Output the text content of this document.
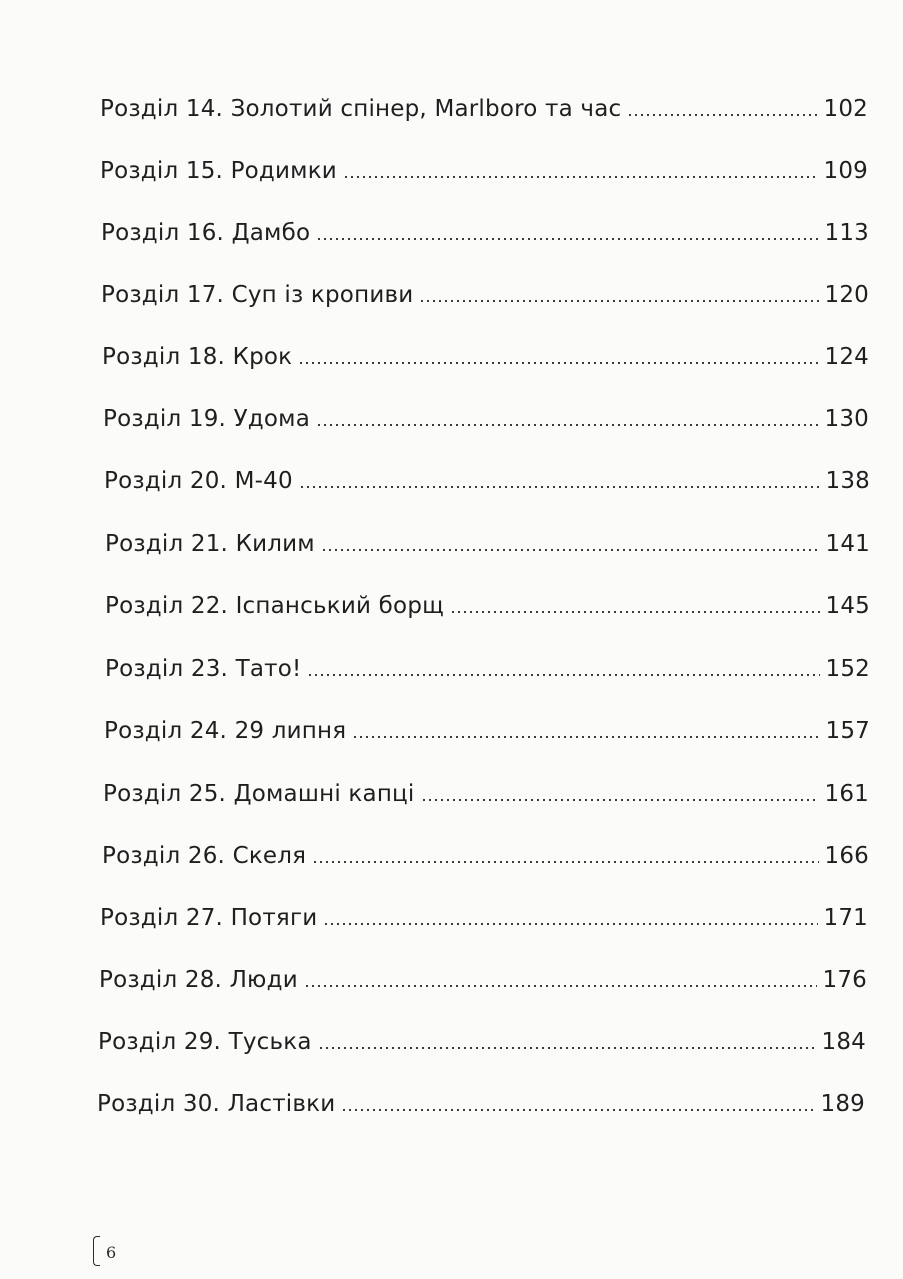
Розділ 14. Золотий спінер, Marlboro та час	102
Розділ 15. Родимки	109
Розділ 16. Дамбо	113
Розділ 17. Суп із кропиви	120
Розділ 18. Крок	124
Розділ 19. Удома	130
Розділ 20. М-40	138
Розділ 21. Килим	141
Розділ 22. Іспанський борщ	145
Розділ 23. Тато!	152
Розділ 24. 29 липня	157
Розділ 25. Домашні капці	161
Розділ 26. Скеля	166
Розділ 27. Потяги	171
Розділ 28. Люди	176
Розділ 29. Туська	184
Розділ 30. Ластівки	189
6
